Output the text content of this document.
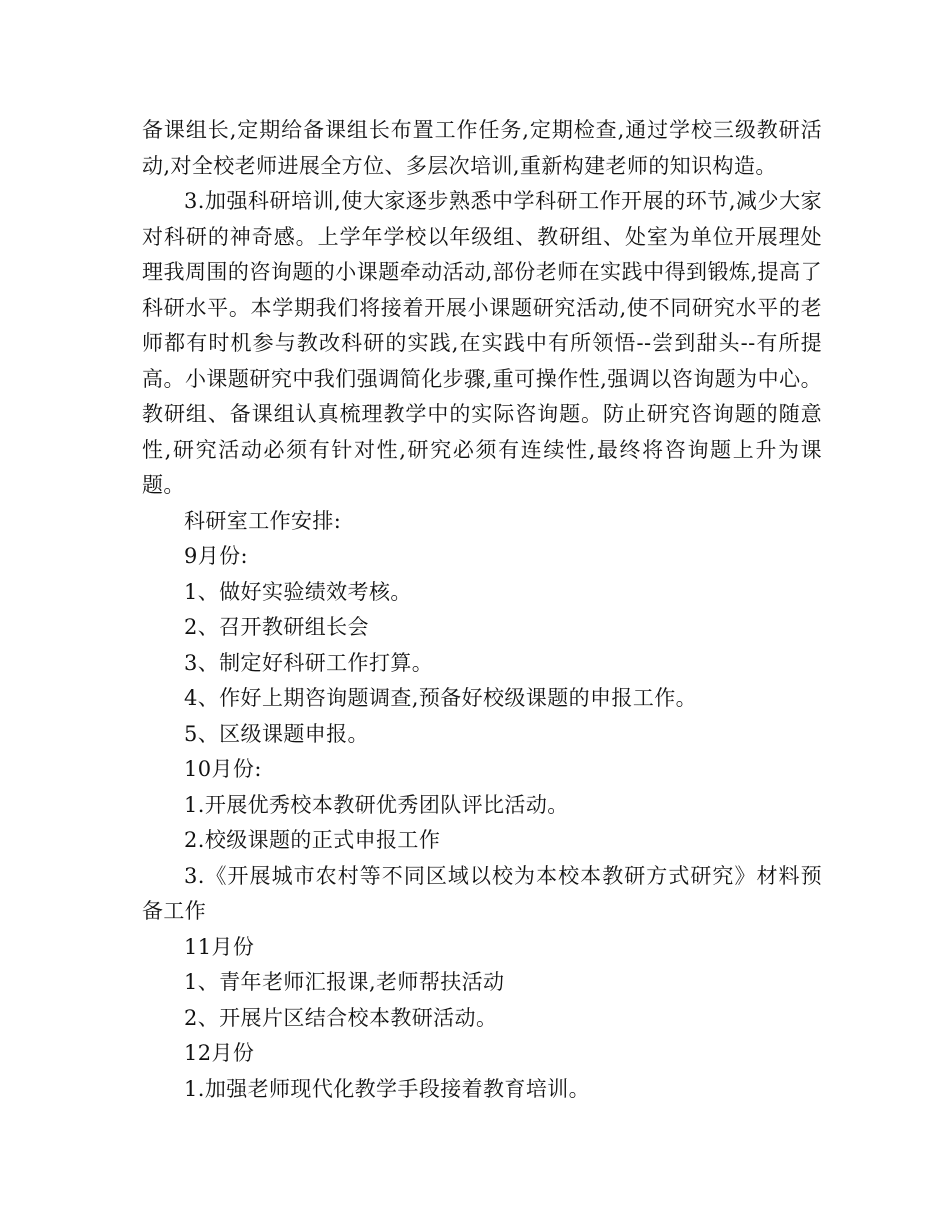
备课组长,定期给备课组长布置工作任务,定期检查,通过学校三级教研活动,对全校老师进展全方位、多层次培训,重新构建老师的知识构造。

3.加强科研培训,使大家逐步熟悉中学科研工作开展的环节,减少大家对科研的神奇感。上学年学校以年级组、教研组、处室为单位开展理处理我周围的咨询题的小课题牵动活动,部份老师在实践中得到锻炼,提高了科研水平。本学期我们将接着开展小课题研究活动,使不同研究水平的老师都有时机参与教改科研的实践,在实践中有所领悟--尝到甜头--有所提高。小课题研究中我们强调简化步骤,重可操作性,强调以咨询题为中心。教研组、备课组认真梳理教学中的实际咨询题。防止研究咨询题的随意性,研究活动必须有针对性,研究必须有连续性,最终将咨询题上升为课题。

科研室工作安排:

9月份:

1、做好实验绩效考核。

2、召开教研组长会

3、制定好科研工作打算。

4、作好上期咨询题调查,预备好校级课题的申报工作。

5、区级课题申报。

10月份:

1.开展优秀校本教研优秀团队评比活动。

2.校级课题的正式申报工作

3.《开展城市农村等不同区域以校为本校本教研方式研究》材料预备工作

11月份

1、青年老师汇报课,老师帮扶活动

2、开展片区结合校本教研活动。

12月份

1.加强老师现代化教学手段接着教育培训。
